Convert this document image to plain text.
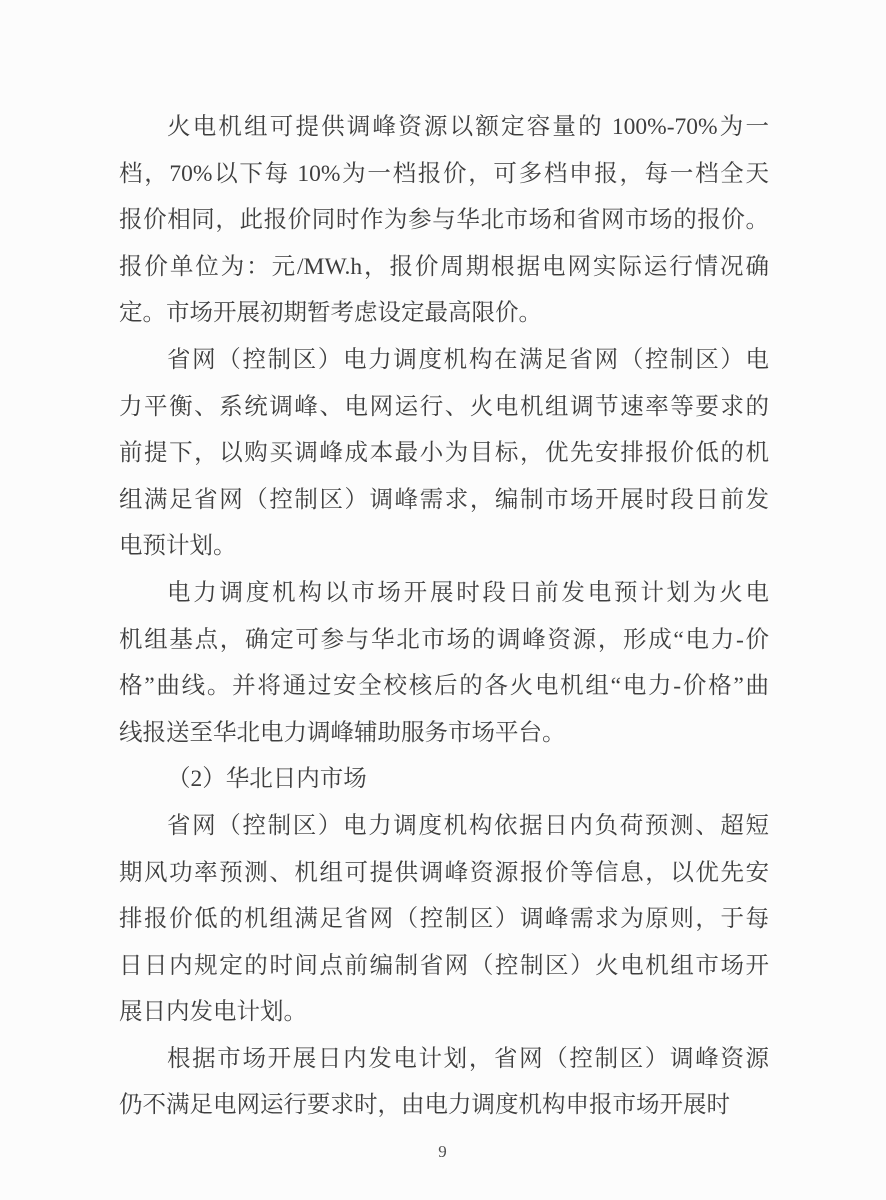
火电机组可提供调峰资源以额定容量的 100%-70%为一
档，70%以下每 10%为一档报价，可多档申报，每一档全天
报价相同，此报价同时作为参与华北市场和省网市场的报价。
报价单位为：元/MW.h，报价周期根据电网实际运行情况确
定。市场开展初期暂考虑设定最高限价。
省网（控制区）电力调度机构在满足省网（控制区）电
力平衡、系统调峰、电网运行、火电机组调节速率等要求的
前提下，以购买调峰成本最小为目标，优先安排报价低的机
组满足省网（控制区）调峰需求，编制市场开展时段日前发
电预计划。
电力调度机构以市场开展时段日前发电预计划为火电
机组基点，确定可参与华北市场的调峰资源，形成“电力-价
格”曲线。并将通过安全校核后的各火电机组“电力-价格”曲
线报送至华北电力调峰辅助服务市场平台。
（2）华北日内市场
省网（控制区）电力调度机构依据日内负荷预测、超短
期风功率预测、机组可提供调峰资源报价等信息，以优先安
排报价低的机组满足省网（控制区）调峰需求为原则，于每
日日内规定的时间点前编制省网（控制区）火电机组市场开
展日内发电计划。
根据市场开展日内发电计划，省网（控制区）调峰资源
仍不满足电网运行要求时，由电力调度机构申报市场开展时
9
